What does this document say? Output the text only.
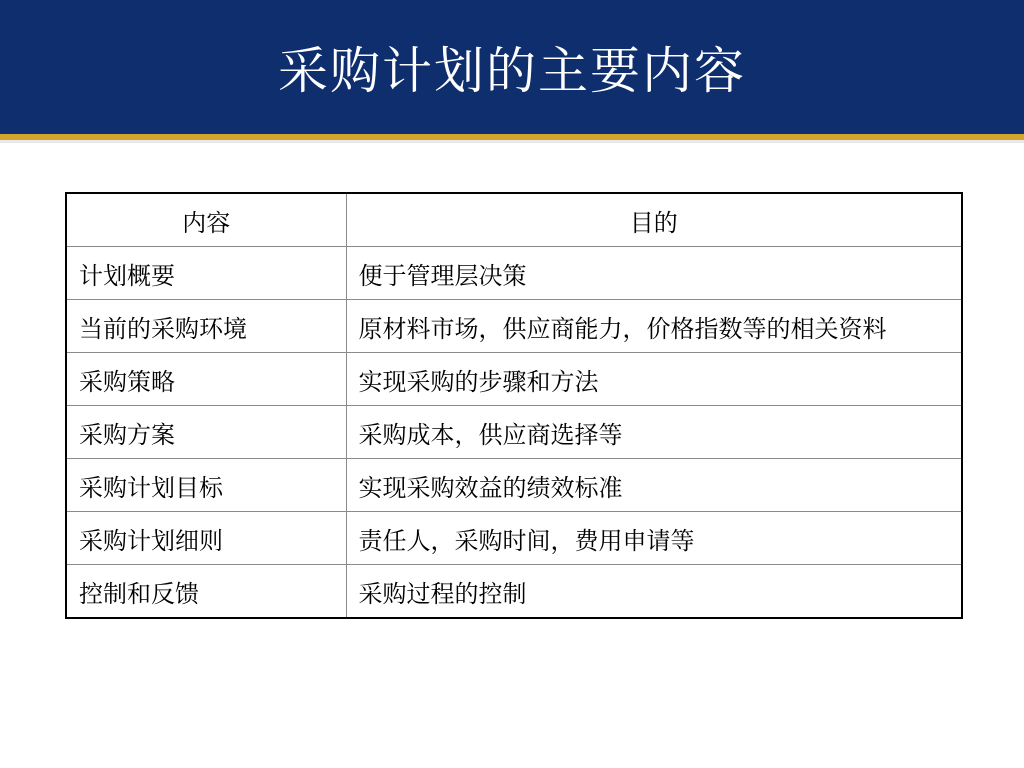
采购计划的主要内容
内容	目的
计划概要	便于管理层决策
当前的采购环境	原材料市场，供应商能力，价格指数等的相关资料
采购策略	实现采购的步骤和方法
采购方案	采购成本，供应商选择等
采购计划目标	实现采购效益的绩效标准
采购计划细则	责任人，采购时间，费用申请等
控制和反馈	采购过程的控制
